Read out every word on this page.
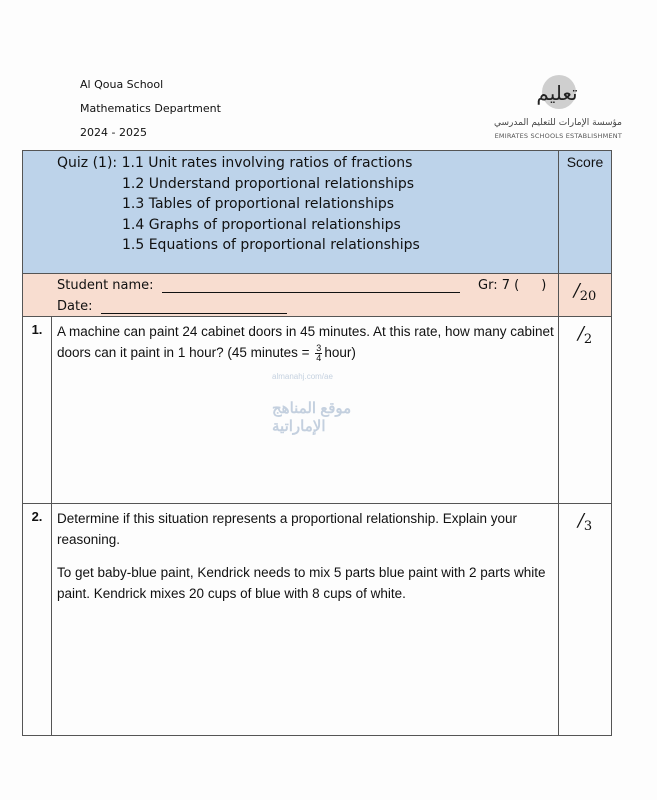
Al Qoua School
Mathematics Department
2024 - 2025
تعليم
مؤسسة الإمارات للتعليم المدرسي
EMIRATES SCHOOLS ESTABLISHMENT
Quiz (1): 1.1 Unit rates involving ratios of fractions
1.2 Understand proportional relationships
1.3 Tables of proportional relationships
1.4 Graphs of proportional relationships
1.5 Equations of proportional relationships		Score

Student name: Gr: 7 ( )
Date:		$/_{20}$
1.	A machine can paint 24 cabinet doors in 45 minutes. At this rate, how many cabinet doors can it paint in 1 hour? (45 minutes = $\frac{3}{4}$ hour)	$/_2$
2.	Determine if this situation represents a proportional relationship. Explain your reasoning.
To get baby-blue paint, Kendrick needs to mix 5 parts blue paint with 2 parts white paint. Kendrick mixes 20 cups of blue with 8 cups of white.	$/_3$
almanahj.com/ae
موقع المناهج الإماراتية
